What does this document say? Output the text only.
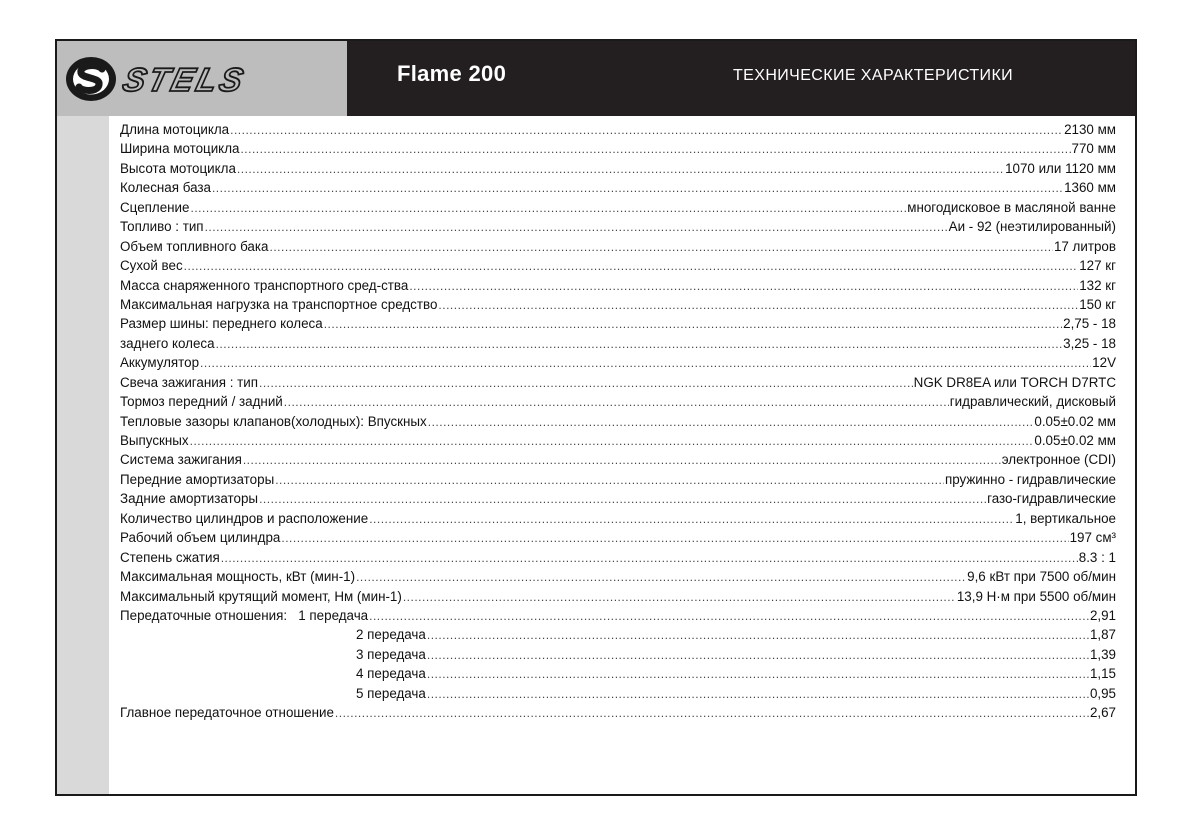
STELS	Flame 200	ТЕХНИЧЕСКИЕ ХАРАКТЕРИСТИКИ
Длина мотоцикла .....	2130 мм
Ширина мотоцикла .....	770 мм
Высота мотоцикла .....	1070 или 1120 мм
Колесная база .....	1360 мм
Сцепление .....	многодисковое в масляной ванне
Топливо : тип .....	Аи - 92 (неэтилированный)
Объем топливного бака .....	17 литров
Сухой вес .....	127 кг
Масса снаряженного транспортного сред-ства .....	132 кг
Максимальная нагрузка на транспортное средство .....	150 кг
Размер шины: переднего колеса .....	2,75 - 18
заднего колеса .....	3,25 - 18
Аккумулятор .....	12V
Свеча зажигания : тип .....	NGK DR8EA или TORCH D7RTC
Тормоз передний / задний .....	гидравлический, дисковый
Тепловые зазоры клапанов(холодных): Впускных .....	0.05±0.02 мм
Выпускных .....	0.05±0.02 мм
Система зажигания .....	электронное (CDI)
Передние амортизаторы .....	пружинно - гидравлические
Задние амортизаторы .....	газо-гидравлические
Количество цилиндров и расположение .....	1, вертикальное
Рабочий объем цилиндра .....	197 см³
Степень сжатия .....	8.3 : 1
Максимальная мощность, кВт (мин-1) .....	9,6 кВт при 7500 об/мин
Максимальный крутящий момент, Нм (мин-1) .....	13,9 Н·м при 5500 об/мин
Передаточные отношения:   1 передача .....	2,91
2 передача .....	1,87
3 передача .....	1,39
4 передача .....	1,15
5 передача .....	0,95
Главное передаточное отношение .....	2,67
